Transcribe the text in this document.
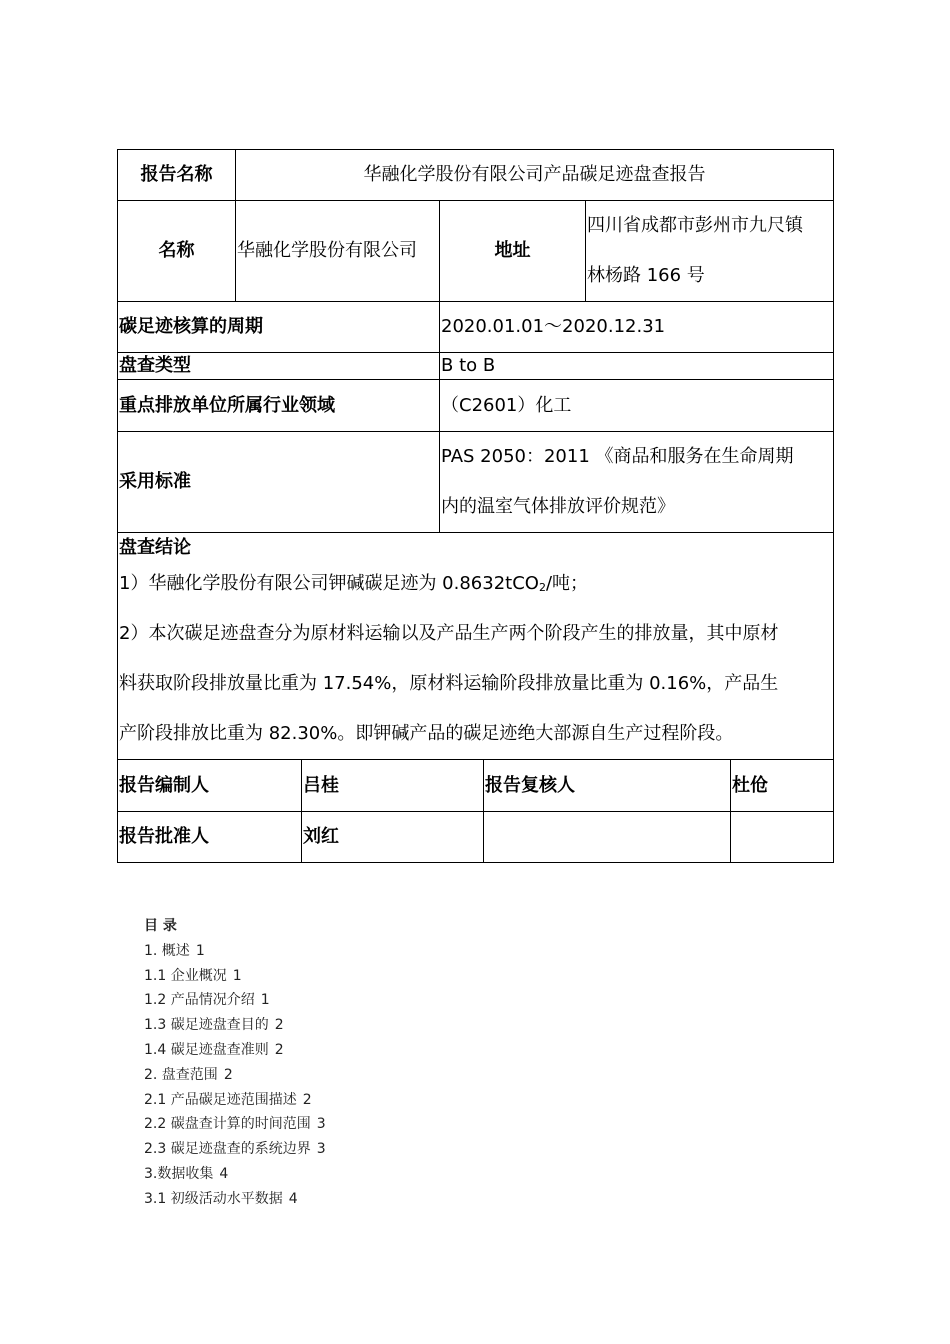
报告名称	华融化学股份有限公司产品碳足迹盘查报告					
名称	华融化学股份有限公司		地址		四川省成都市彭州市九尺镇
林杨路 166 号	

碳足迹核算的周期			2020.01.01～2020.12.31			
盘查类型			B to B			
重点排放单位所属行业领域			（C2601）化工			
采用标准			PAS 2050：2011 《商品和服务在生命周期
内的温室气体排放评价规范》			

盘查结论
1）华融化学股份有限公司钾碱碳足迹为 0.8632tCO$_2$/吨；
2）本次碳足迹盘查分为原材料运输以及产品生产两个阶段产生的排放量，其中原材
料获取阶段排放量比重为 17.54%，原材料运输阶段排放量比重为 0.16%，产品生
产阶段排放比重为 82.30%。即钾碱产品的碳足迹绝大部源自生产过程阶段。						

报告编制人		吕桂		报告复核人		杜伧
报告批准人		刘红				
目 录
1. 概述 1
1.1 企业概况 1
1.2 产品情况介绍 1
1.3 碳足迹盘查目的 2
1.4 碳足迹盘查准则 2
2. 盘查范围 2
2.1 产品碳足迹范围描述 2
2.2 碳盘查计算的时间范围 3
2.3 碳足迹盘查的系统边界 3
3.数据收集 4
3.1 初级活动水平数据 4
